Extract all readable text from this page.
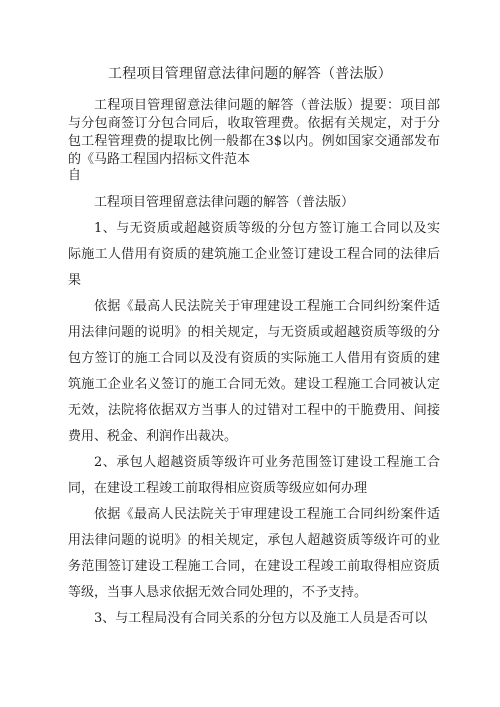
工程项目管理留意法律问题的解答（普法版）
工程项目管理留意法律问题的解答（普法版）提要：项目部与分包商签订分包合同后，收取管理费。依据有关规定，对于分包工程管理费的提取比例一般都在3$以内。例如国家交通部发布的《马路工程国内招标文件范本
自

工程项目管理留意法律问题的解答（普法版）

1、与无资质或超越资质等级的分包方签订施工合同以及实际施工人借用有资质的建筑施工企业签订建设工程合同的法律后果

依据《最高人民法院关于审理建设工程施工合同纠纷案件适用法律问题的说明》的相关规定，与无资质或超越资质等级的分包方签订的施工合同以及没有资质的实际施工人借用有资质的建筑施工企业名义签订的施工合同无效。建设工程施工合同被认定无效，法院将依据双方当事人的过错对工程中的干脆费用、间接费用、税金、利润作出裁决。

2、承包人超越资质等级许可业务范围签订建设工程施工合同，在建设工程竣工前取得相应资质等级应如何办理

依据《最高人民法院关于审理建设工程施工合同纠纷案件适用法律问题的说明》的相关规定，承包人超越资质等级许可的业务范围签订建设工程施工合同，在建设工程竣工前取得相应资质等级，当事人恳求依据无效合同处理的，不予支持。

3、与工程局没有合同关系的分包方以及施工人员是否可以
